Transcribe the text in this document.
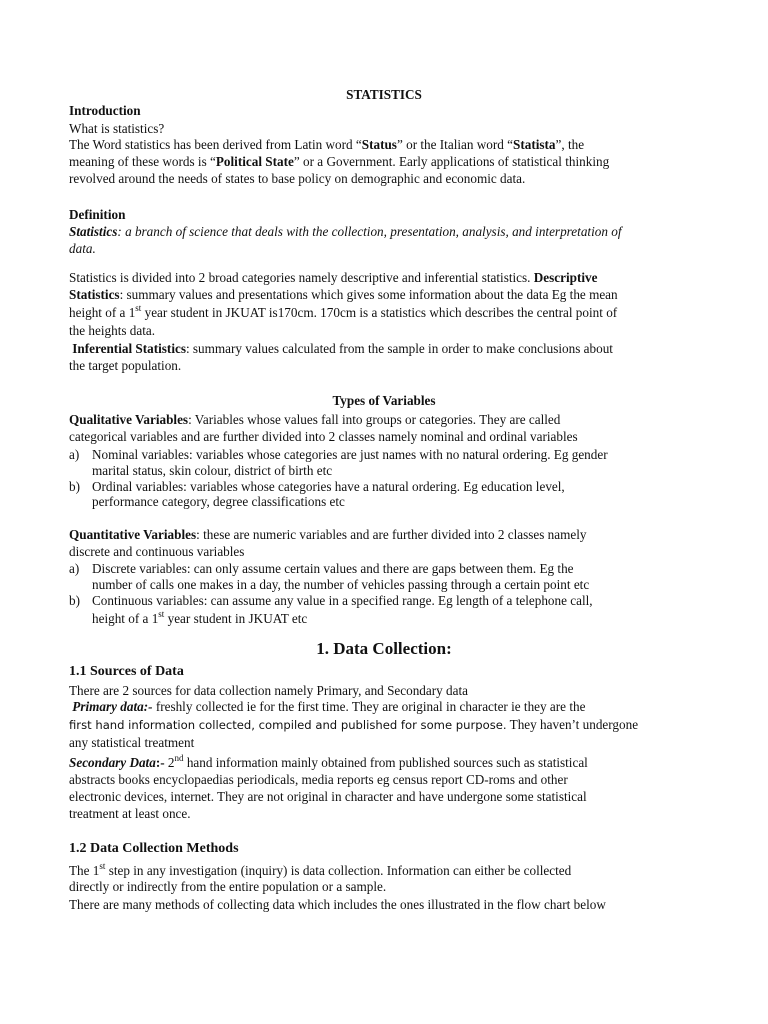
STATISTICS
Introduction
What is statistics?
The Word statistics has been derived from Latin word “Status” or the Italian word “Statista”, the
meaning of these words is “Political State” or a Government. Early applications of statistical thinking
revolved around the needs of states to base policy on demographic and economic data.
Definition
Statistics: a branch of science that deals with the collection, presentation, analysis, and interpretation of
data.
Statistics is divided into 2 broad categories namely descriptive and inferential statistics. Descriptive
Statistics: summary values and presentations which gives some information about the data Eg the mean
height of a 1st year student in JKUAT is170cm. 170cm is a statistics which describes the central point of
the heights data.
Inferential Statistics: summary values calculated from the sample in order to make conclusions about
the target population.
Types of Variables
Qualitative Variables: Variables whose values fall into groups or categories. They are called
categorical variables and are further divided into 2 classes namely nominal and ordinal variables
a) Nominal variables: variables whose categories are just names with no natural ordering. Eg gender
marital status, skin colour, district of birth etc
b) Ordinal variables: variables whose categories have a natural ordering. Eg education level,
performance category, degree classifications etc
Quantitative Variables: these are numeric variables and are further divided into 2 classes namely
discrete and continuous variables
a) Discrete variables: can only assume certain values and there are gaps between them. Eg the
number of calls one makes in a day, the number of vehicles passing through a certain point etc
b) Continuous variables: can assume any value in a specified range. Eg length of a telephone call,
height of a 1st year student in JKUAT etc
1. Data Collection:
1.1 Sources of Data
There are 2 sources for data collection namely Primary, and Secondary data
Primary data:- freshly collected ie for the first time. They are original in character ie they are the
first hand information collected, compiled and published for some purpose. They haven’t undergone
any statistical treatment
Secondary Data:- 2nd hand information mainly obtained from published sources such as statistical
abstracts books encyclopaedias periodicals, media reports eg census report CD-roms and other
electronic devices, internet. They are not original in character and have undergone some statistical
treatment at least once.
1.2 Data Collection Methods
The 1st step in any investigation (inquiry) is data collection. Information can either be collected
directly or indirectly from the entire population or a sample.
There are many methods of collecting data which includes the ones illustrated in the flow chart below
